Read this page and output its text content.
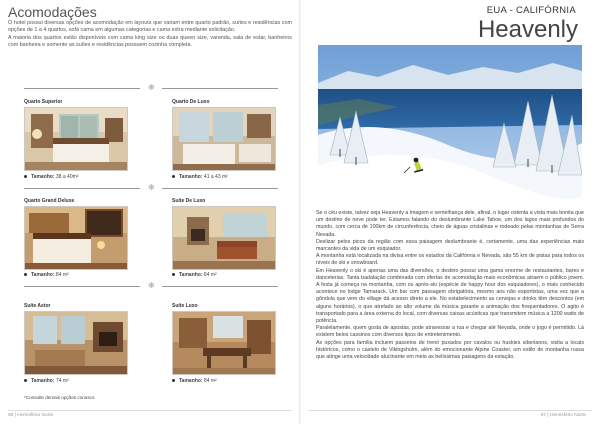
Acomodações

O hotel possui diversas opções de acomodação em layouts que variam entre quarto padrão, suítes e residências com opções de 1 a 4 quartos, sofá cama em algumas categorias e cama extra mediante solicitação.

A maioria dos quartos estão disponíveis com cama king size ou duas queen size, varanda, sala de estar, banheiros com banheira e somente as suítes e residências possuem cozinha completa.

❋
Quarto Superior
Tamanho: 38 a 40m²
Quarto De Luxo
Tamanho: 41 a 43 m²
❋
Quarto Grand Deluxe
Tamanho: 84 m²
Suíte De Luxo
Tamanho: 84 m²
❋
Suíte Astor
Tamanho: 74 m²
Suíte Luxo
Tamanho: 84 m²
*Consulte demais opções conosco
96 | Hemisfério Norte
EUA - CALIFÓRNIA
Heavenly

Se o céu existe, talvez seja Heavenly a imagem e semelhança dele, afinal, o lugar ostenta a vista mais bonita que um destino de neve pode ter. Estamos falando do deslumbrante Lake Tahoe, um dos lagos mais profundos do mundo, com cerca de 100km de circunferência, cheio de águas cristalinas e rodeado pelas montanhas de Serra Nevada.

Deslizar pelos picos da região com essa paisagem deslumbrante é, certamente, uma das experiências mais marcantes da vida de um esquiador.

A montanha está localizada na divisa entre os estados da Califórnia e Nevada, são 55 km de pistas para todos os níveis de ski e snowboard.

Em Heavenly o ski é apenas uma das diversões, o destino possui uma gama enorme de restaurantes, bares e danceterias. Tanta badalação combinada com ofertas de acomodação mais econômicas atraem o público jovem. A festa já começa na montanha, com os après-ski (espécie de happy hour dos esquiadores), o mais conhecido acontece no lodge Tamarack. Um bar com passagem obrigatória, mesmo aos não esportistas, uma vez que a gôndola que vem do village dá acesso direto a ele. No estabelecimento as cervejas e drinks têm descontos (em alguns horários), o que atrelado ao alto volume da música garante a animação dos frequentadores. O agito é transportado para a área externa do local, com diversas caixas acústicas que transmitem música a 1200 watts de potência.

Paralelamente, quem gosta de apostas, pode atravessar a rua e chegar até Nevada, onde o jogo é permitido. Lá existem belos cassinos com diversos tipos de entretenimento.

As opções para família incluem passeios de trenó puxados por cavalos ou huskies siberianos, visita a locais históricos, como o castelo de Vikingsholm, além do emocionante Alpine Coaster, um estilo de montanha russa que atinge uma velocidade alucinante em meio as belíssimas paisagens da estação.

97 | Hemisfério Norte
